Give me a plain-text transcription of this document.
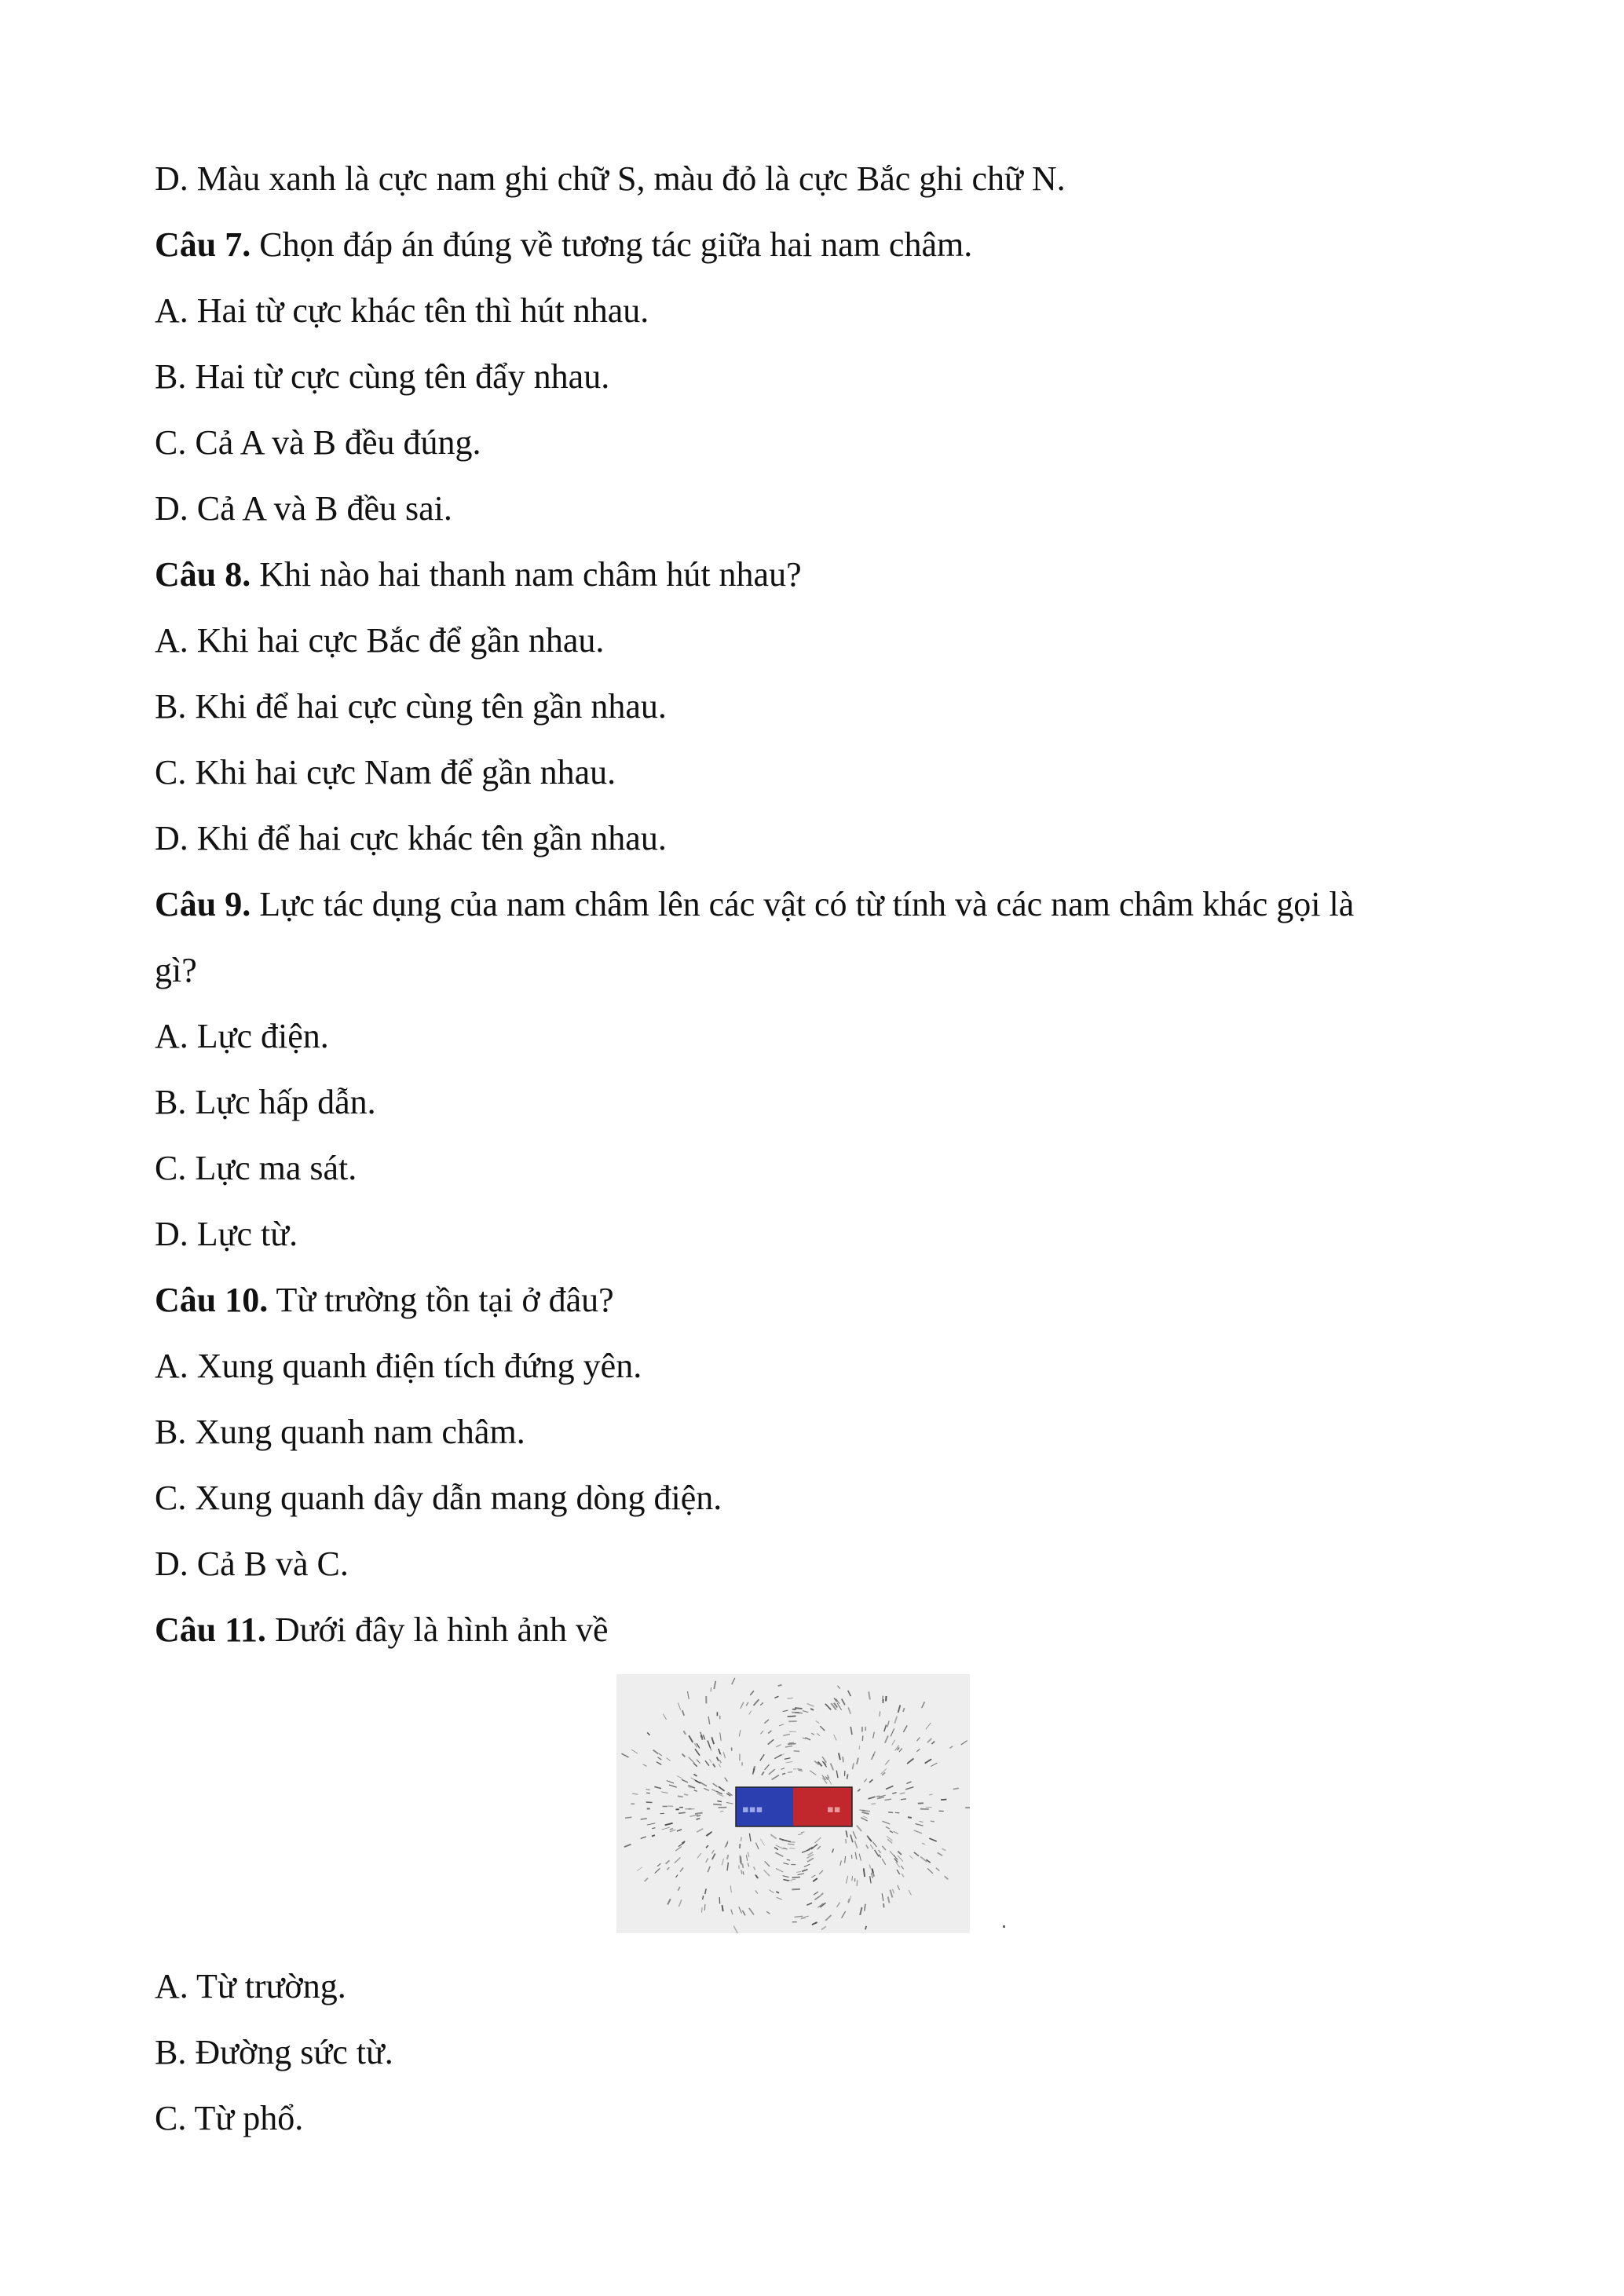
D. Màu xanh là cực nam ghi chữ S, màu đỏ là cực Bắc ghi chữ N.

Câu 7. Chọn đáp án đúng về tương tác giữa hai nam châm.

A. Hai từ cực khác tên thì hút nhau.

B. Hai từ cực cùng tên đẩy nhau.

C. Cả A và B đều đúng.

D. Cả A và B đều sai.

Câu 8. Khi nào hai thanh nam châm hút nhau?

A. Khi hai cực Bắc để gần nhau.

B. Khi để hai cực cùng tên gần nhau.

C. Khi hai cực Nam để gần nhau.

D. Khi để hai cực khác tên gần nhau.

Câu 9. Lực tác dụng của nam châm lên các vật có từ tính và các nam châm khác gọi là

gì?

A. Lực điện.

B. Lực hấp dẫn.

C. Lực ma sát.

D. Lực từ.

Câu 10. Từ trường tồn tại ở đâu?

A. Xung quanh điện tích đứng yên.

B. Xung quanh nam châm.

C. Xung quanh dây dẫn mang dòng điện.

D. Cả B và C.

Câu 11. Dưới đây là hình ảnh về

▪▪▪	▪▪

A. Từ trường.

B. Đường sức từ.

C. Từ phổ.
